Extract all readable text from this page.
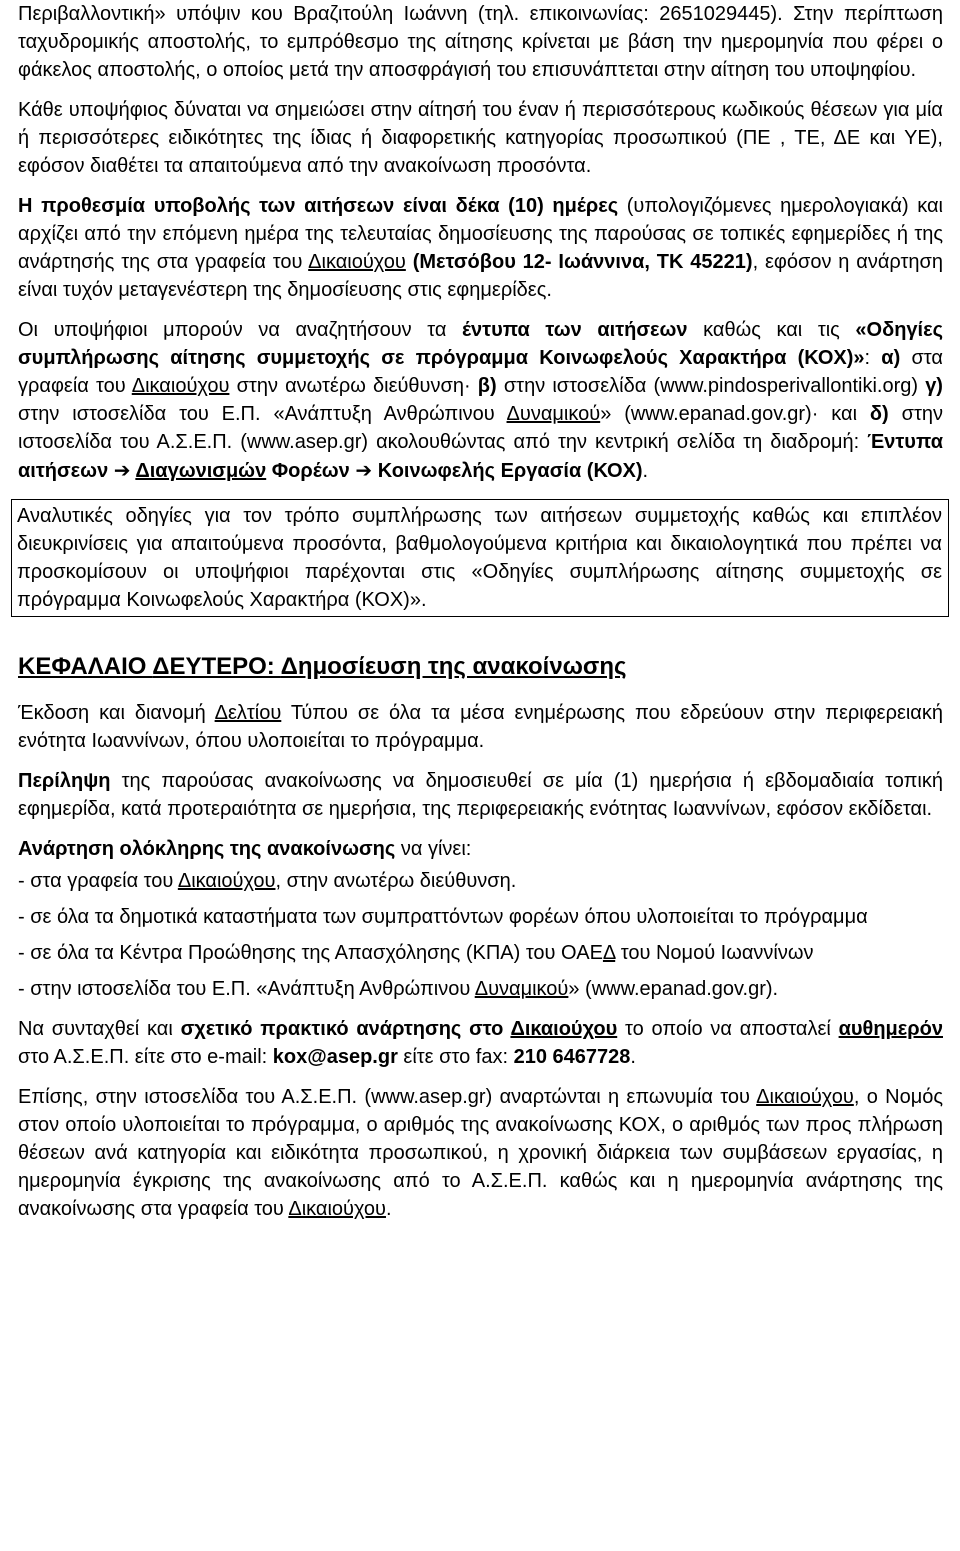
Περιβαλλοντική» υπόψιν κου Βραζιτούλη Ιωάννη (τηλ. επικοινωνίας: 2651029445). Στην περίπτωση ταχυδρομικής αποστολής, το εμπρόθεσμο της αίτησης κρίνεται με βάση την ημερομηνία που φέρει ο φάκελος αποστολής, ο οποίος μετά την αποσφράγισή του επισυνάπτεται στην αίτηση του υποψηφίου.

Κάθε υποψήφιος δύναται να σημειώσει στην αίτησή του έναν ή περισσότερους κωδικούς θέσεων για μία ή περισσότερες ειδικότητες της ίδιας ή διαφορετικής κατηγορίας προσωπικού (ΠΕ , ΤΕ, ΔΕ και ΥΕ), εφόσον διαθέτει τα απαιτούμενα από την ανακοίνωση προσόντα.

Η προθεσμία υποβολής των αιτήσεων είναι δέκα (10) ημέρες (υπολογιζόμενες ημερολογιακά) και αρχίζει από την επόμενη ημέρα της τελευταίας δημοσίευσης της παρούσας σε τοπικές εφημερίδες ή της ανάρτησής της στα γραφεία του Δικαιούχου (Μετσόβου 12- Ιωάννινα, ΤΚ 45221), εφόσον η ανάρτηση είναι τυχόν μεταγενέστερη της δημοσίευσης στις εφημερίδες.

Οι υποψήφιοι μπορούν να αναζητήσουν τα έντυπα των αιτήσεων καθώς και τις «Οδηγίες συμπλήρωσης αίτησης συμμετοχής σε πρόγραμμα Κοινωφελούς Χαρακτήρα (ΚΟΧ)»: α) στα γραφεία του Δικαιούχου στην ανωτέρω διεύθυνση· β) στην ιστοσελίδα (www.pindosperivallontiki.org) γ) στην ιστοσελίδα του Ε.Π. «Ανάπτυξη Ανθρώπινου Δυναμικού» (www.epanad.gov.gr)· και δ) στην ιστοσελίδα του Α.Σ.Ε.Π. (www.asep.gr) ακολουθώντας από την κεντρική σελίδα τη διαδρομή: Έντυπα αιτήσεων ➔ Διαγωνισμών Φορέων ➔ Κοινωφελής Εργασία (ΚΟΧ).

Αναλυτικές οδηγίες για τον τρόπο συμπλήρωσης των αιτήσεων συμμετοχής καθώς και επιπλέον διευκρινίσεις για απαιτούμενα προσόντα, βαθμολογούμενα κριτήρια και δικαιολογητικά που πρέπει να προσκομίσουν οι υποψήφιοι παρέχονται στις «Οδηγίες συμπλήρωσης αίτησης συμμετοχής σε πρόγραμμα Κοινωφελούς Χαρακτήρα (ΚΟΧ)».

ΚΕΦΑΛΑΙΟ ΔΕΥΤΕΡΟ: Δημοσίευση της ανακοίνωσης

Έκδοση και διανομή Δελτίου Τύπου σε όλα τα μέσα ενημέρωσης που εδρεύουν στην περιφερειακή ενότητα Ιωαννίνων, όπου υλοποιείται το πρόγραμμα.

Περίληψη της παρούσας ανακοίνωσης να δημοσιευθεί σε μία (1) ημερήσια ή εβδομαδιαία τοπική εφημερίδα, κατά προτεραιότητα σε ημερήσια, της περιφερειακής ενότητας Ιωαννίνων, εφόσον εκδίδεται.

Ανάρτηση ολόκληρης της ανακοίνωσης να γίνει:

- στα γραφεία του Δικαιούχου, στην ανωτέρω διεύθυνση.

- σε όλα τα δημοτικά καταστήματα των συμπραττόντων φορέων όπου υλοποιείται το πρόγραμμα

- σε όλα τα Κέντρα Προώθησης της Απασχόλησης (ΚΠΑ) του ΟΑΕΔ του Νομού Ιωαννίνων

- στην ιστοσελίδα του Ε.Π. «Ανάπτυξη Ανθρώπινου Δυναμικού» (www.epanad.gov.gr).

Να συνταχθεί και σχετικό πρακτικό ανάρτησης στο Δικαιούχου το οποίο να αποσταλεί αυθημερόν στο Α.Σ.Ε.Π. είτε στο e-mail: kox@asep.gr είτε στο fax: 210 6467728.

Επίσης, στην ιστοσελίδα του Α.Σ.Ε.Π. (www.asep.gr) αναρτώνται η επωνυμία του Δικαιούχου, ο Νομός στον οποίο υλοποιείται το πρόγραμμα, ο αριθμός της ανακοίνωσης ΚΟΧ, ο αριθμός των προς πλήρωση θέσεων ανά κατηγορία και ειδικότητα προσωπικού, η χρονική διάρκεια των συμβάσεων εργασίας, η ημερομηνία έγκρισης της ανακοίνωσης από το Α.Σ.Ε.Π. καθώς και η ημερομηνία ανάρτησης της ανακοίνωσης στα γραφεία του Δικαιούχου.
